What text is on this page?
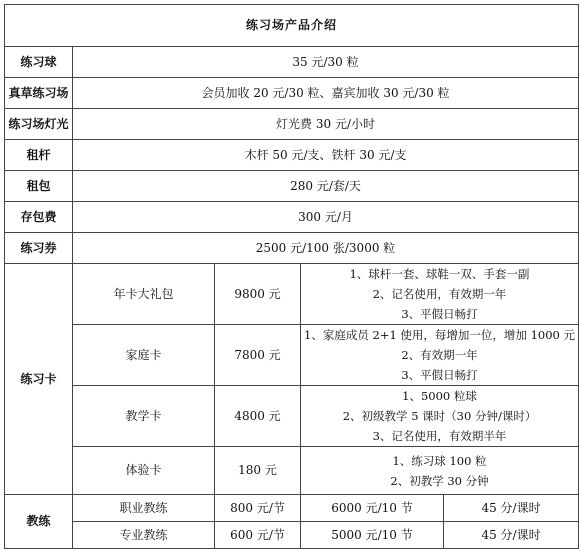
练习场产品介绍				
练习球	35 元/30 粒			
真草练习场	会员加收 20 元/30 粒、嘉宾加收 30 元/30 粒			
练习场灯光	灯光费 30 元/小时			
租杆	木杆 50 元/支、铁杆 30 元/支			
租包	280 元/套/天			
存包费	300 元/月			
练习券	2500 元/100 张/3000 粒			
练习卡	年卡大礼包	9800 元	1、球杆一套、球鞋一双、手套一副
2、记名使用，有效期一年
3、平假日畅打	

	家庭卡	7800 元	1、家庭成员 2+1 使用，每增加一位，增加 1000 元
2、有效期一年
3、平假日畅打	

	教学卡	4800 元	1、5000 粒球
2、初级教学 5 课时（30 分钟/课时）
3、记名使用，有效期半年	

	体验卡	180 元	1、练习球 100 粒
2、初教学 30 分钟	

教练	职业教练	800 元/节	6000 元/10 节	45 分/课时
	专业教练	600 元/节	5000 元/10 节	45 分/课时
